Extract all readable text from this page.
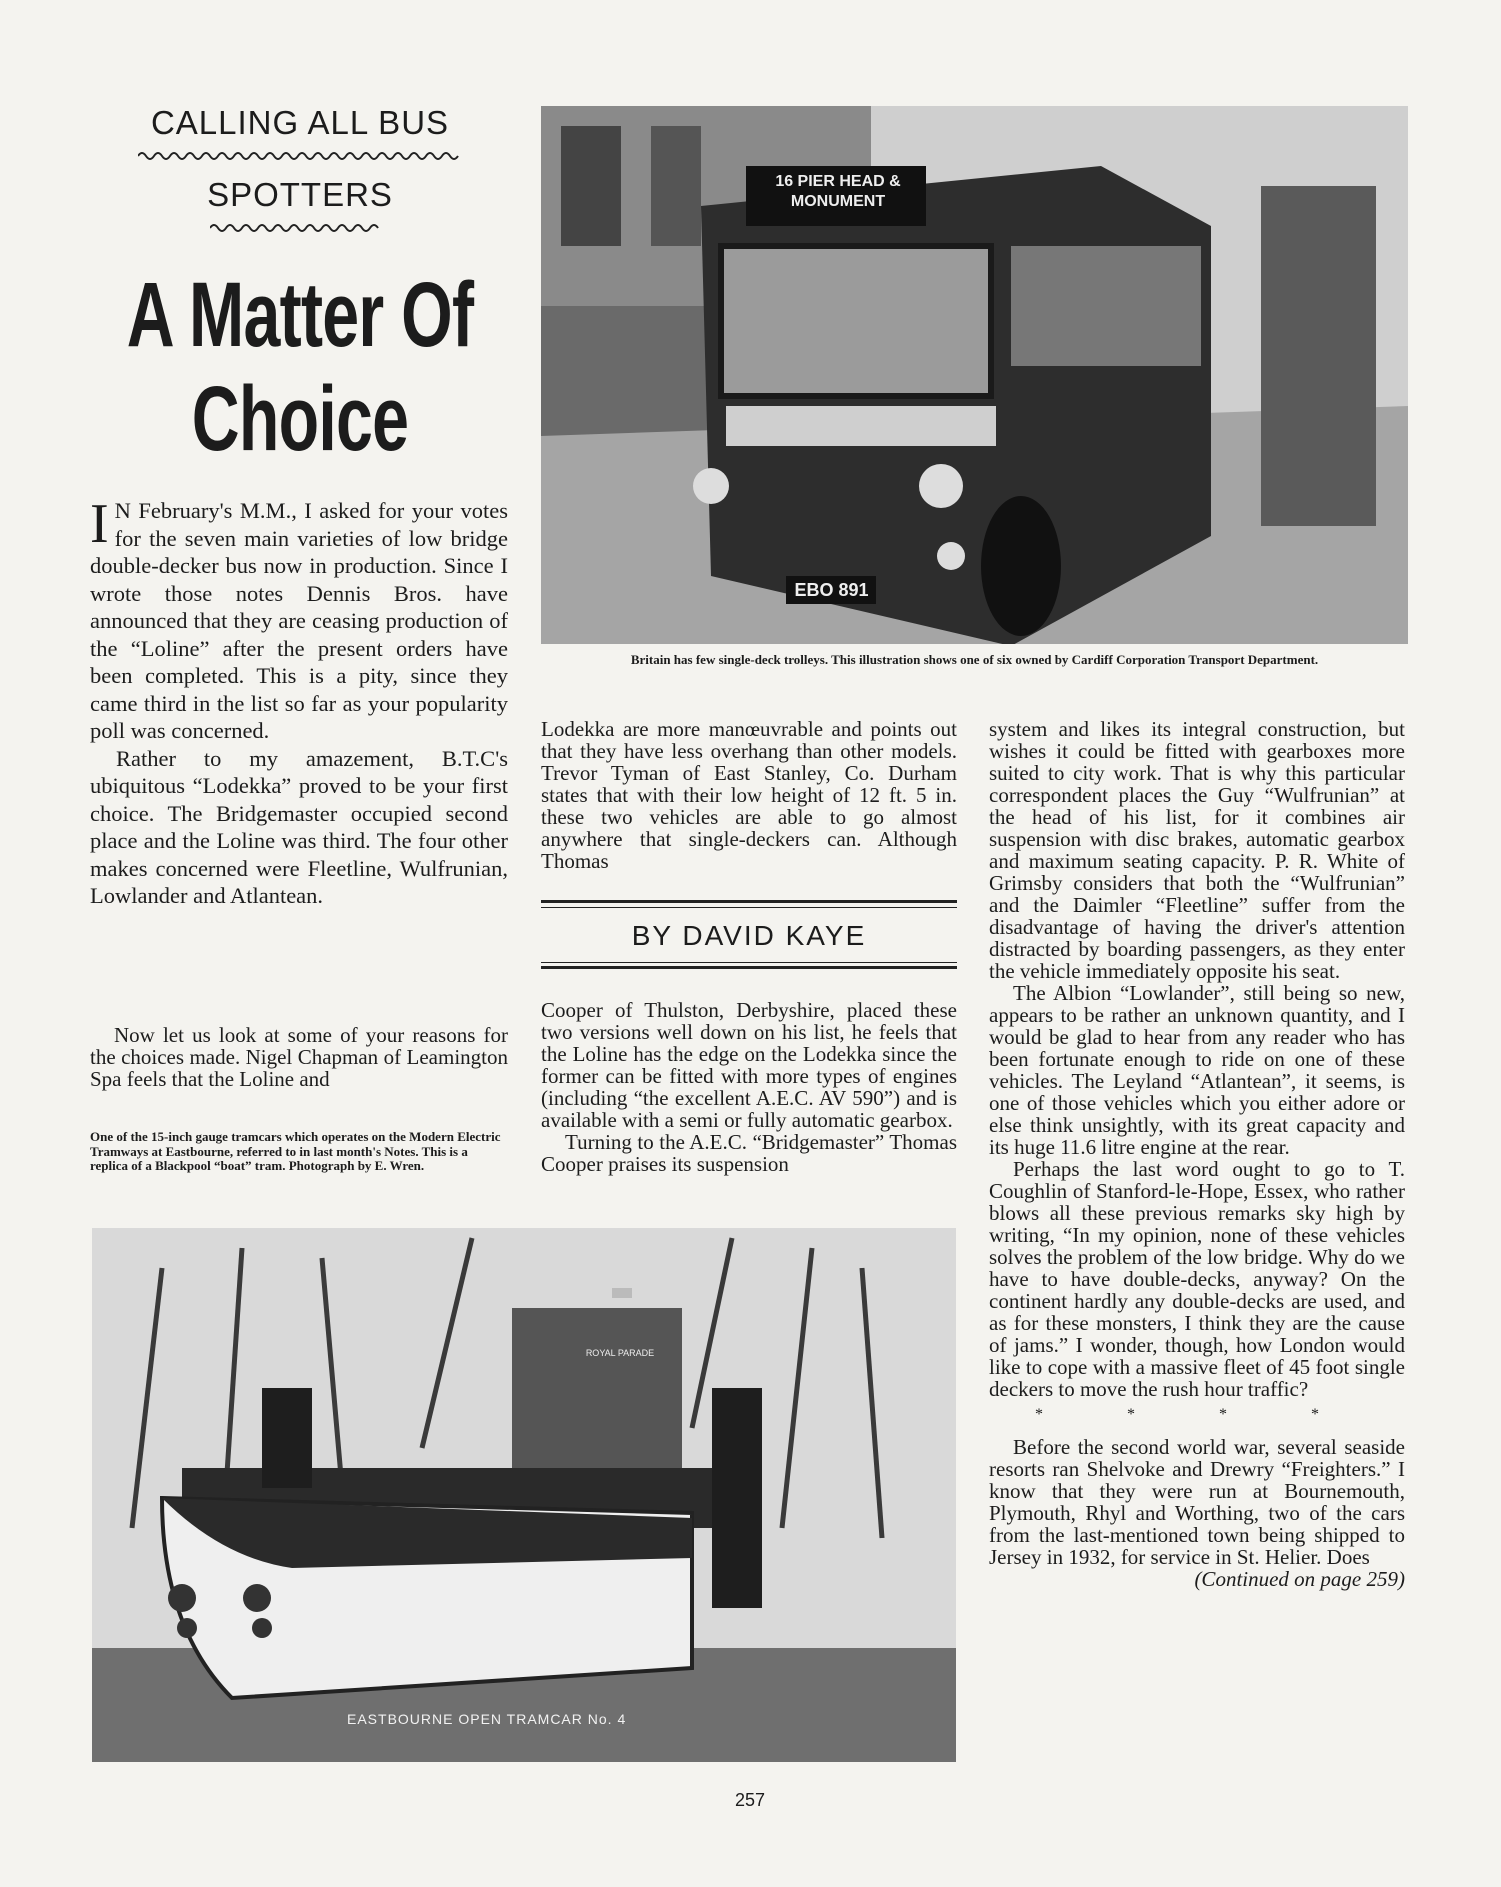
CALLING ALL BUS
SPOTTERS
A Matter Of
Choice

I N February's M.M., I asked for your votes for the seven main varieties of low bridge double-decker bus now in production. Since I wrote those notes Dennis Bros. have announced that they are ceasing production of the “Loline” after the present orders have been completed. This is a pity, since they came third in the list so far as your popularity poll was concerned.

Rather to my amazement, B.T.C's ubiquitous “Lodekka” proved to be your first choice. The Bridgemaster occupied second place and the Loline was third. The four other makes concerned were Fleetline, Wulfrunian, Lowlander and Atlantean.

Now let us look at some of your reasons for the choices made. Nigel Chapman of Leamington Spa feels that the Loline and

One of the 15-inch gauge tramcars which operates on the Modern Electric Tramways at Eastbourne, referred to in last month's Notes. This is a replica of a Blackpool “boat” tram. Photograph by E. Wren.
16 PIER HEAD & MONUMENT
EBO 891
Britain has few single-deck trolleys. This illustration shows one of six owned by Cardiff Corporation Transport Department.

Lodekka are more manœuvrable and points out that they have less overhang than other models. Trevor Tyman of East Stanley, Co. Durham states that with their low height of 12 ft. 5 in. these two vehicles are able to go almost anywhere that single-deckers can. Although Thomas

BY DAVID KAYE

Cooper of Thulston, Derbyshire, placed these two versions well down on his list, he feels that the Loline has the edge on the Lodekka since the former can be fitted with more types of engines (including “the excellent A.E.C. AV 590”) and is available with a semi or fully automatic gearbox.

Turning to the A.E.C. “Bridgemaster” Thomas Cooper praises its suspension

system and likes its integral construction, but wishes it could be fitted with gearboxes more suited to city work. That is why this particular correspondent places the Guy “Wulfrunian” at the head of his list, for it combines air suspension with disc brakes, automatic gearbox and maximum seating capacity. P. R. White of Grimsby considers that both the “Wulfrunian” and the Daimler “Fleetline” suffer from the disadvantage of having the driver's attention distracted by boarding passengers, as they enter the vehicle immediately opposite his seat.

The Albion “Lowlander”, still being so new, appears to be rather an unknown quantity, and I would be glad to hear from any reader who has been fortunate enough to ride on one of these vehicles. The Leyland “Atlantean”, it seems, is one of those vehicles which you either adore or else think unsightly, with its great capacity and its huge 11.6 litre engine at the rear.

Perhaps the last word ought to go to T. Coughlin of Stanford-le-Hope, Essex, who rather blows all these previous remarks sky high by writing, “In my opinion, none of these vehicles solves the problem of the low bridge. Why do we have to have double-decks, anyway? On the continent hardly any double-decks are used, and as for these monsters, I think they are the cause of jams.” I wonder, though, how London would like to cope with a massive fleet of 45 foot single deckers to move the rush hour traffic?

* * * *

Before the second world war, several seaside resorts ran Shelvoke and Drewry “Freighters.” I know that they were run at Bournemouth, Plymouth, Rhyl and Worthing, two of the cars from the last-mentioned town being shipped to Jersey in 1932, for service in St. Helier. Does

(Continued on page 259)
ROYAL PARADE
EASTBOURNE OPEN TRAMCAR No. 4
257
